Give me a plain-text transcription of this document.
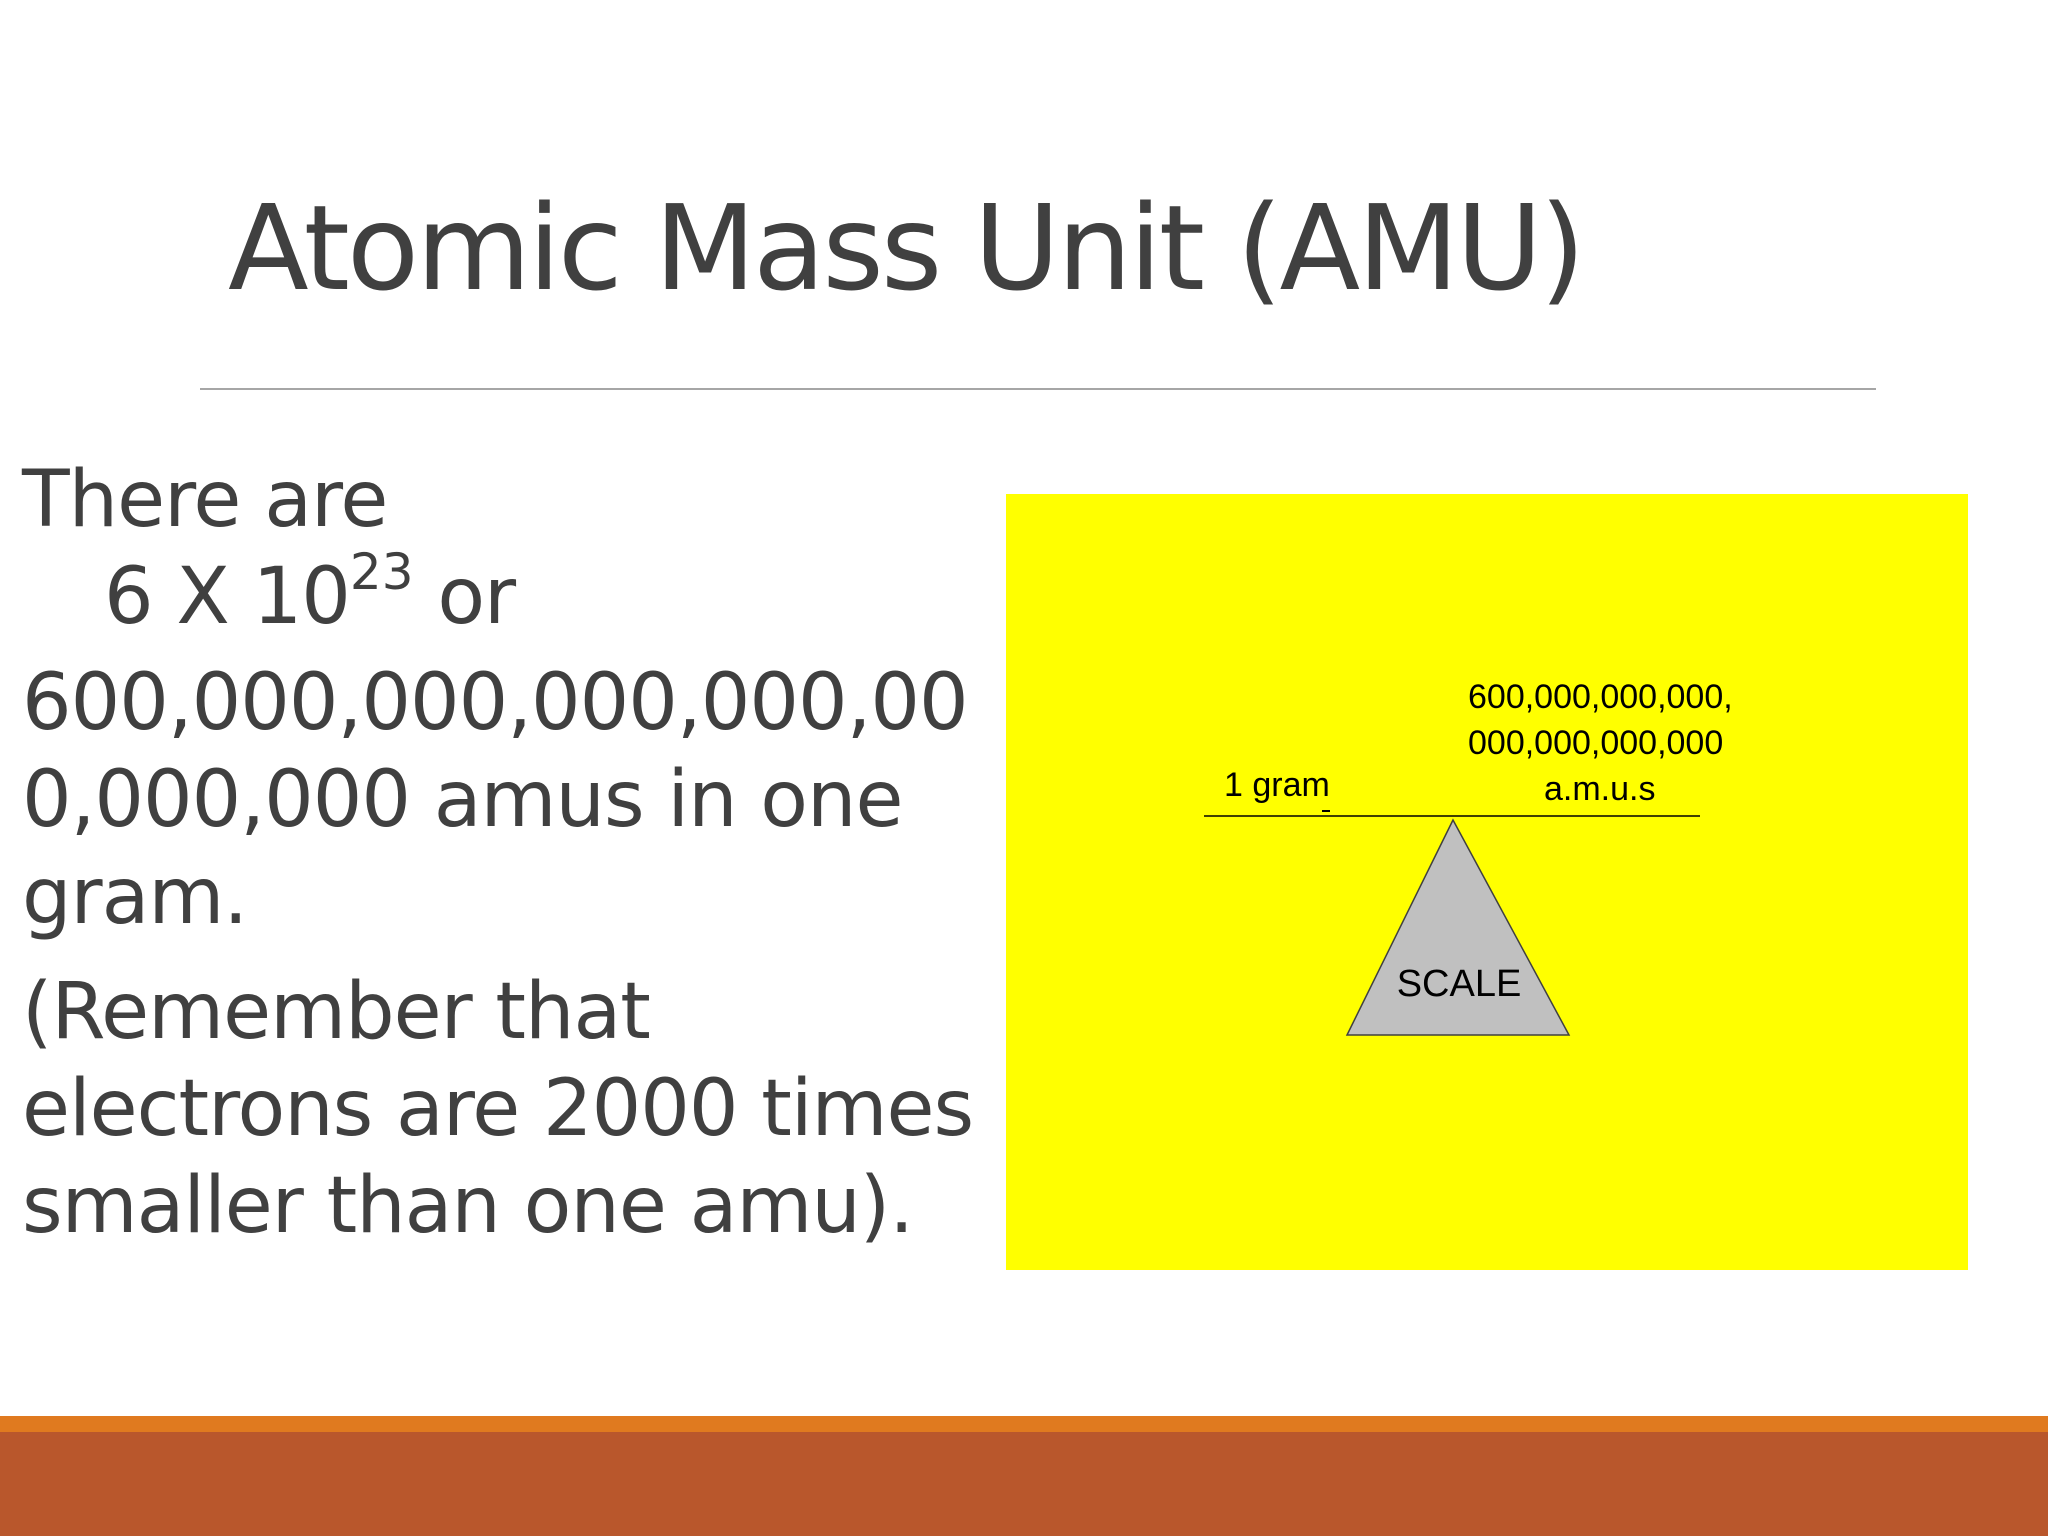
Atomic Mass Unit (AMU)

There are
6 X $10^{23}$ or
600,000,000,000,000,00
0,000,000 amus in one
gram.

(Remember that
electrons are 2000 times
smaller than one amu).

1 gram
600,000,000,000,
000,000,000,000
a.m.u.s
SCALE
